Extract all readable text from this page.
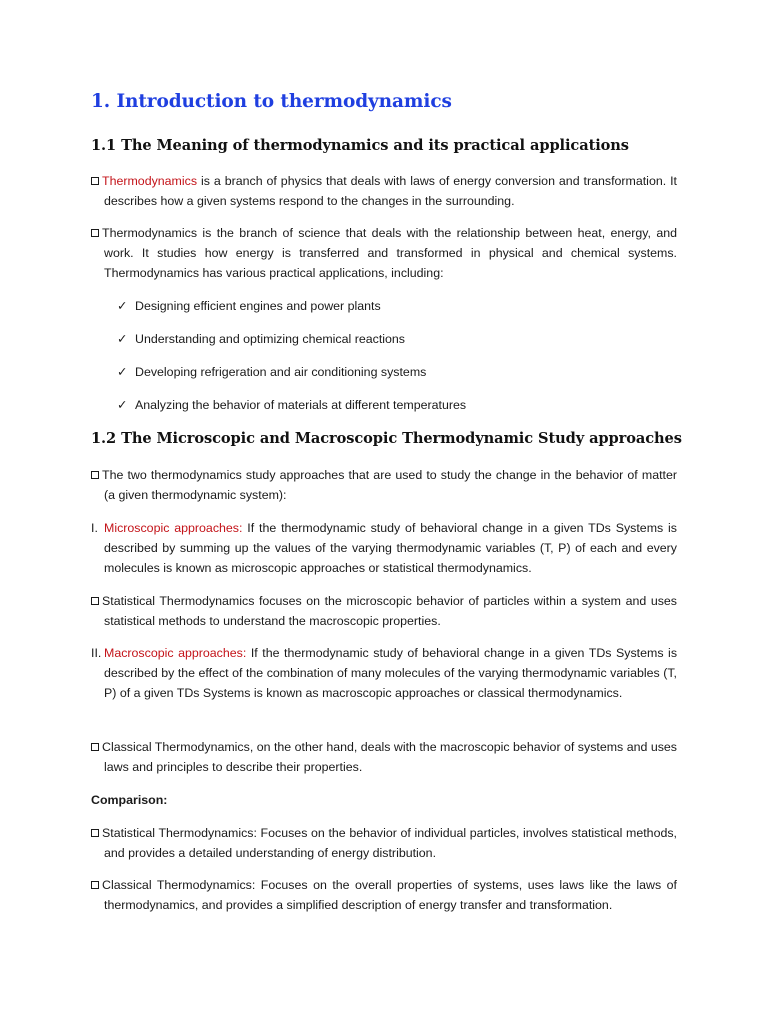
1. Introduction to thermodynamics
1.1 The Meaning of thermodynamics and its practical applications
Thermodynamics is a branch of physics that deals with laws of energy conversion and transformation. It describes how a given systems respond to the changes in the surrounding.
Thermodynamics is the branch of science that deals with the relationship between heat, energy, and work. It studies how energy is transferred and transformed in physical and chemical systems. Thermodynamics has various practical applications, including:
✓ Designing efficient engines and power plants
✓ Understanding and optimizing chemical reactions
✓ Developing refrigeration and air conditioning systems
✓ Analyzing the behavior of materials at different temperatures
1.2 The Microscopic and Macroscopic Thermodynamic Study approaches
The two thermodynamics study approaches that are used to study the change in the behavior of matter (a given thermodynamic system):
I. Microscopic approaches: If the thermodynamic study of behavioral change in a given TDs Systems is described by summing up the values of the varying thermodynamic variables (T, P) of each and every molecules is known as microscopic approaches or statistical thermodynamics.
Statistical Thermodynamics focuses on the microscopic behavior of particles within a system and uses statistical methods to understand the macroscopic properties.
II. Macroscopic approaches: If the thermodynamic study of behavioral change in a given TDs Systems is described by the effect of the combination of many molecules of the varying thermodynamic variables (T, P) of a given TDs Systems is known as macroscopic approaches or classical thermodynamics.
Classical Thermodynamics, on the other hand, deals with the macroscopic behavior of systems and uses laws and principles to describe their properties.
Comparison:
Statistical Thermodynamics: Focuses on the behavior of individual particles, involves statistical methods, and provides a detailed understanding of energy distribution.
Classical Thermodynamics: Focuses on the overall properties of systems, uses laws like the laws of thermodynamics, and provides a simplified description of energy transfer and transformation.
